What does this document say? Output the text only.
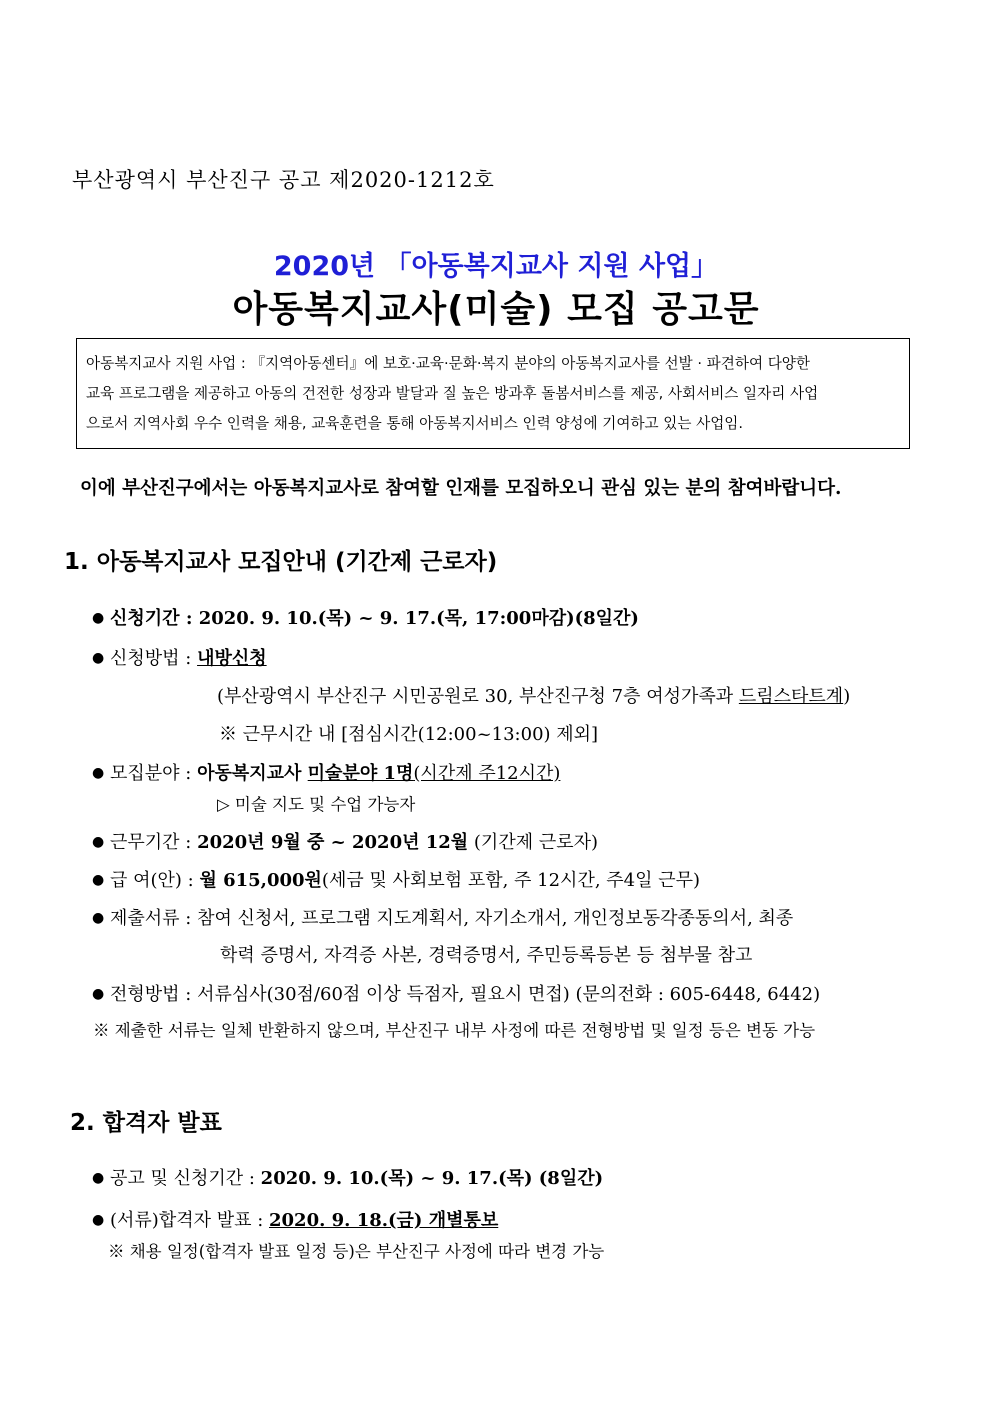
부산광역시 부산진구 공고 제2020-1212호
2020년 「아동복지교사 지원 사업」
아동복지교사(미술) 모집 공고문
아동복지교사 지원 사업 : 『지역아동센터』에 보호·교육·문화·복지 분야의 아동복지교사를 선발 · 파견하여 다양한
교육 프로그램을 제공하고 아동의 건전한 성장과 발달과 질 높은 방과후 돌봄서비스를 제공, 사회서비스 일자리 사업
으로서 지역사회 우수 인력을 채용, 교육훈련을 통해 아동복지서비스 인력 양성에 기여하고 있는 사업임.
이에 부산진구에서는 아동복지교사로 참여할 인재를 모집하오니 관심 있는 분의 참여바랍니다.
1. 아동복지교사 모집안내 (기간제 근로자)
● 신청기간 : 2020. 9. 10.(목) ~ 9. 17.(목, 17:00마감)(8일간)
● 신청방법 : 내방신청
(부산광역시 부산진구 시민공원로 30, 부산진구청 7층 여성가족과 드림스타트계)
※ 근무시간 내 [점심시간(12:00~13:00) 제외]
● 모집분야 : 아동복지교사 미술분야 1명(시간제 주12시간)
▷ 미술 지도 및 수업 가능자
● 근무기간 : 2020년 9월 중 ~ 2020년 12월 (기간제 근로자)
● 급 여(안) : 월 615,000원(세금 및 사회보험 포함, 주 12시간, 주4일 근무)
● 제출서류 : 참여 신청서, 프로그램 지도계획서, 자기소개서, 개인정보동각종동의서, 최종
학력 증명서, 자격증 사본, 경력증명서, 주민등록등본 등 첨부물 참고
● 전형방법 : 서류심사(30점/60점 이상 득점자, 필요시 면접) (문의전화 : 605-6448, 6442)
※ 제출한 서류는 일체 반환하지 않으며, 부산진구 내부 사정에 따른 전형방법 및 일정 등은 변동 가능
2. 합격자 발표
● 공고 및 신청기간 : 2020. 9. 10.(목) ~ 9. 17.(목) (8일간)
● (서류)합격자 발표 : 2020. 9. 18.(금) 개별통보
※ 채용 일정(합격자 발표 일정 등)은 부산진구 사정에 따라 변경 가능
